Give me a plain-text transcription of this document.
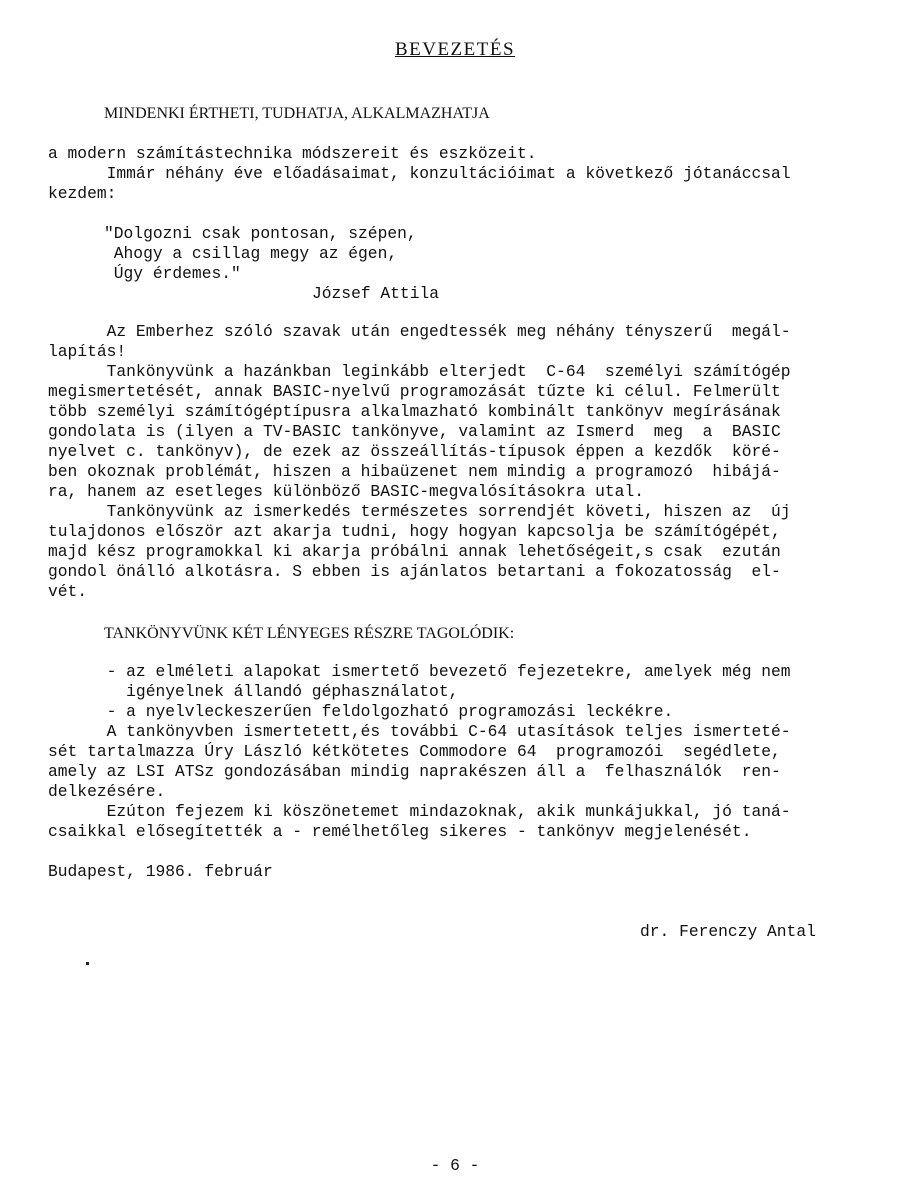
BEVEZETÉS
MINDENKI ÉRTHETI, TUDHATJA, ALKALMAZHATJA
a modern számítástechnika módszereit és eszközeit.
Immár néhány éve előadásaimat, konzultációimat a következő jótanáccsal
kezdem:
"Dolgozni csak pontosan, szépen,
Ahogy a csillag megy az égen,
Úgy érdemes."
József Attila
Az Emberhez szóló szavak után engedtessék meg néhány tényszerű  megál-
lapítás!
Tankönyvünk a hazánkban leginkább elterjedt  C-64  személyi számítógép
megismertetését, annak BASIC-nyelvű programozását tűzte ki célul. Felmerült
több személyi számítógéptípusra alkalmazható kombinált tankönyv megírásának
gondolata is (ilyen a TV-BASIC tankönyve, valamint az Ismerd  meg  a  BASIC
nyelvet c. tankönyv), de ezek az összeállítás-típusok éppen a kezdők  köré-
ben okoznak problémát, hiszen a hibaüzenet nem mindig a programozó  hibájá-
ra, hanem az esetleges különböző BASIC-megvalósításokra utal.
Tankönyvünk az ismerkedés természetes sorrendjét követi, hiszen az  új
tulajdonos először azt akarja tudni, hogy hogyan kapcsolja be számítógépét,
majd kész programokkal ki akarja próbálni annak lehetőségeit,s csak  ezután
gondol önálló alkotásra. S ebben is ajánlatos betartani a fokozatosság  el-
vét.
TANKÖNYVÜNK KÉT LÉNYEGES RÉSZRE TAGOLÓDIK:
- az elméleti alapokat ismertető bevezető fejezetekre, amelyek még nem
igényelnek állandó géphasználatot,
- a nyelvleckeszerűen feldolgozható programozási leckékre.
A tankönyvben ismertetett,és további C-64 utasítások teljes ismerteté-
sét tartalmazza Úry László kétkötetes Commodore 64  programozói  segédlete,
amely az LSI ATSz gondozásában mindig naprakészen áll a  felhasználók  ren-
delkezésére.
Ezúton fejezem ki köszönetemet mindazoknak, akik munkájukkal, jó taná-
csaikkal elősegítették a - remélhetőleg sikeres - tankönyv megjelenését.
Budapest, 1986. február
dr. Ferenczy Antal
- 6 -
